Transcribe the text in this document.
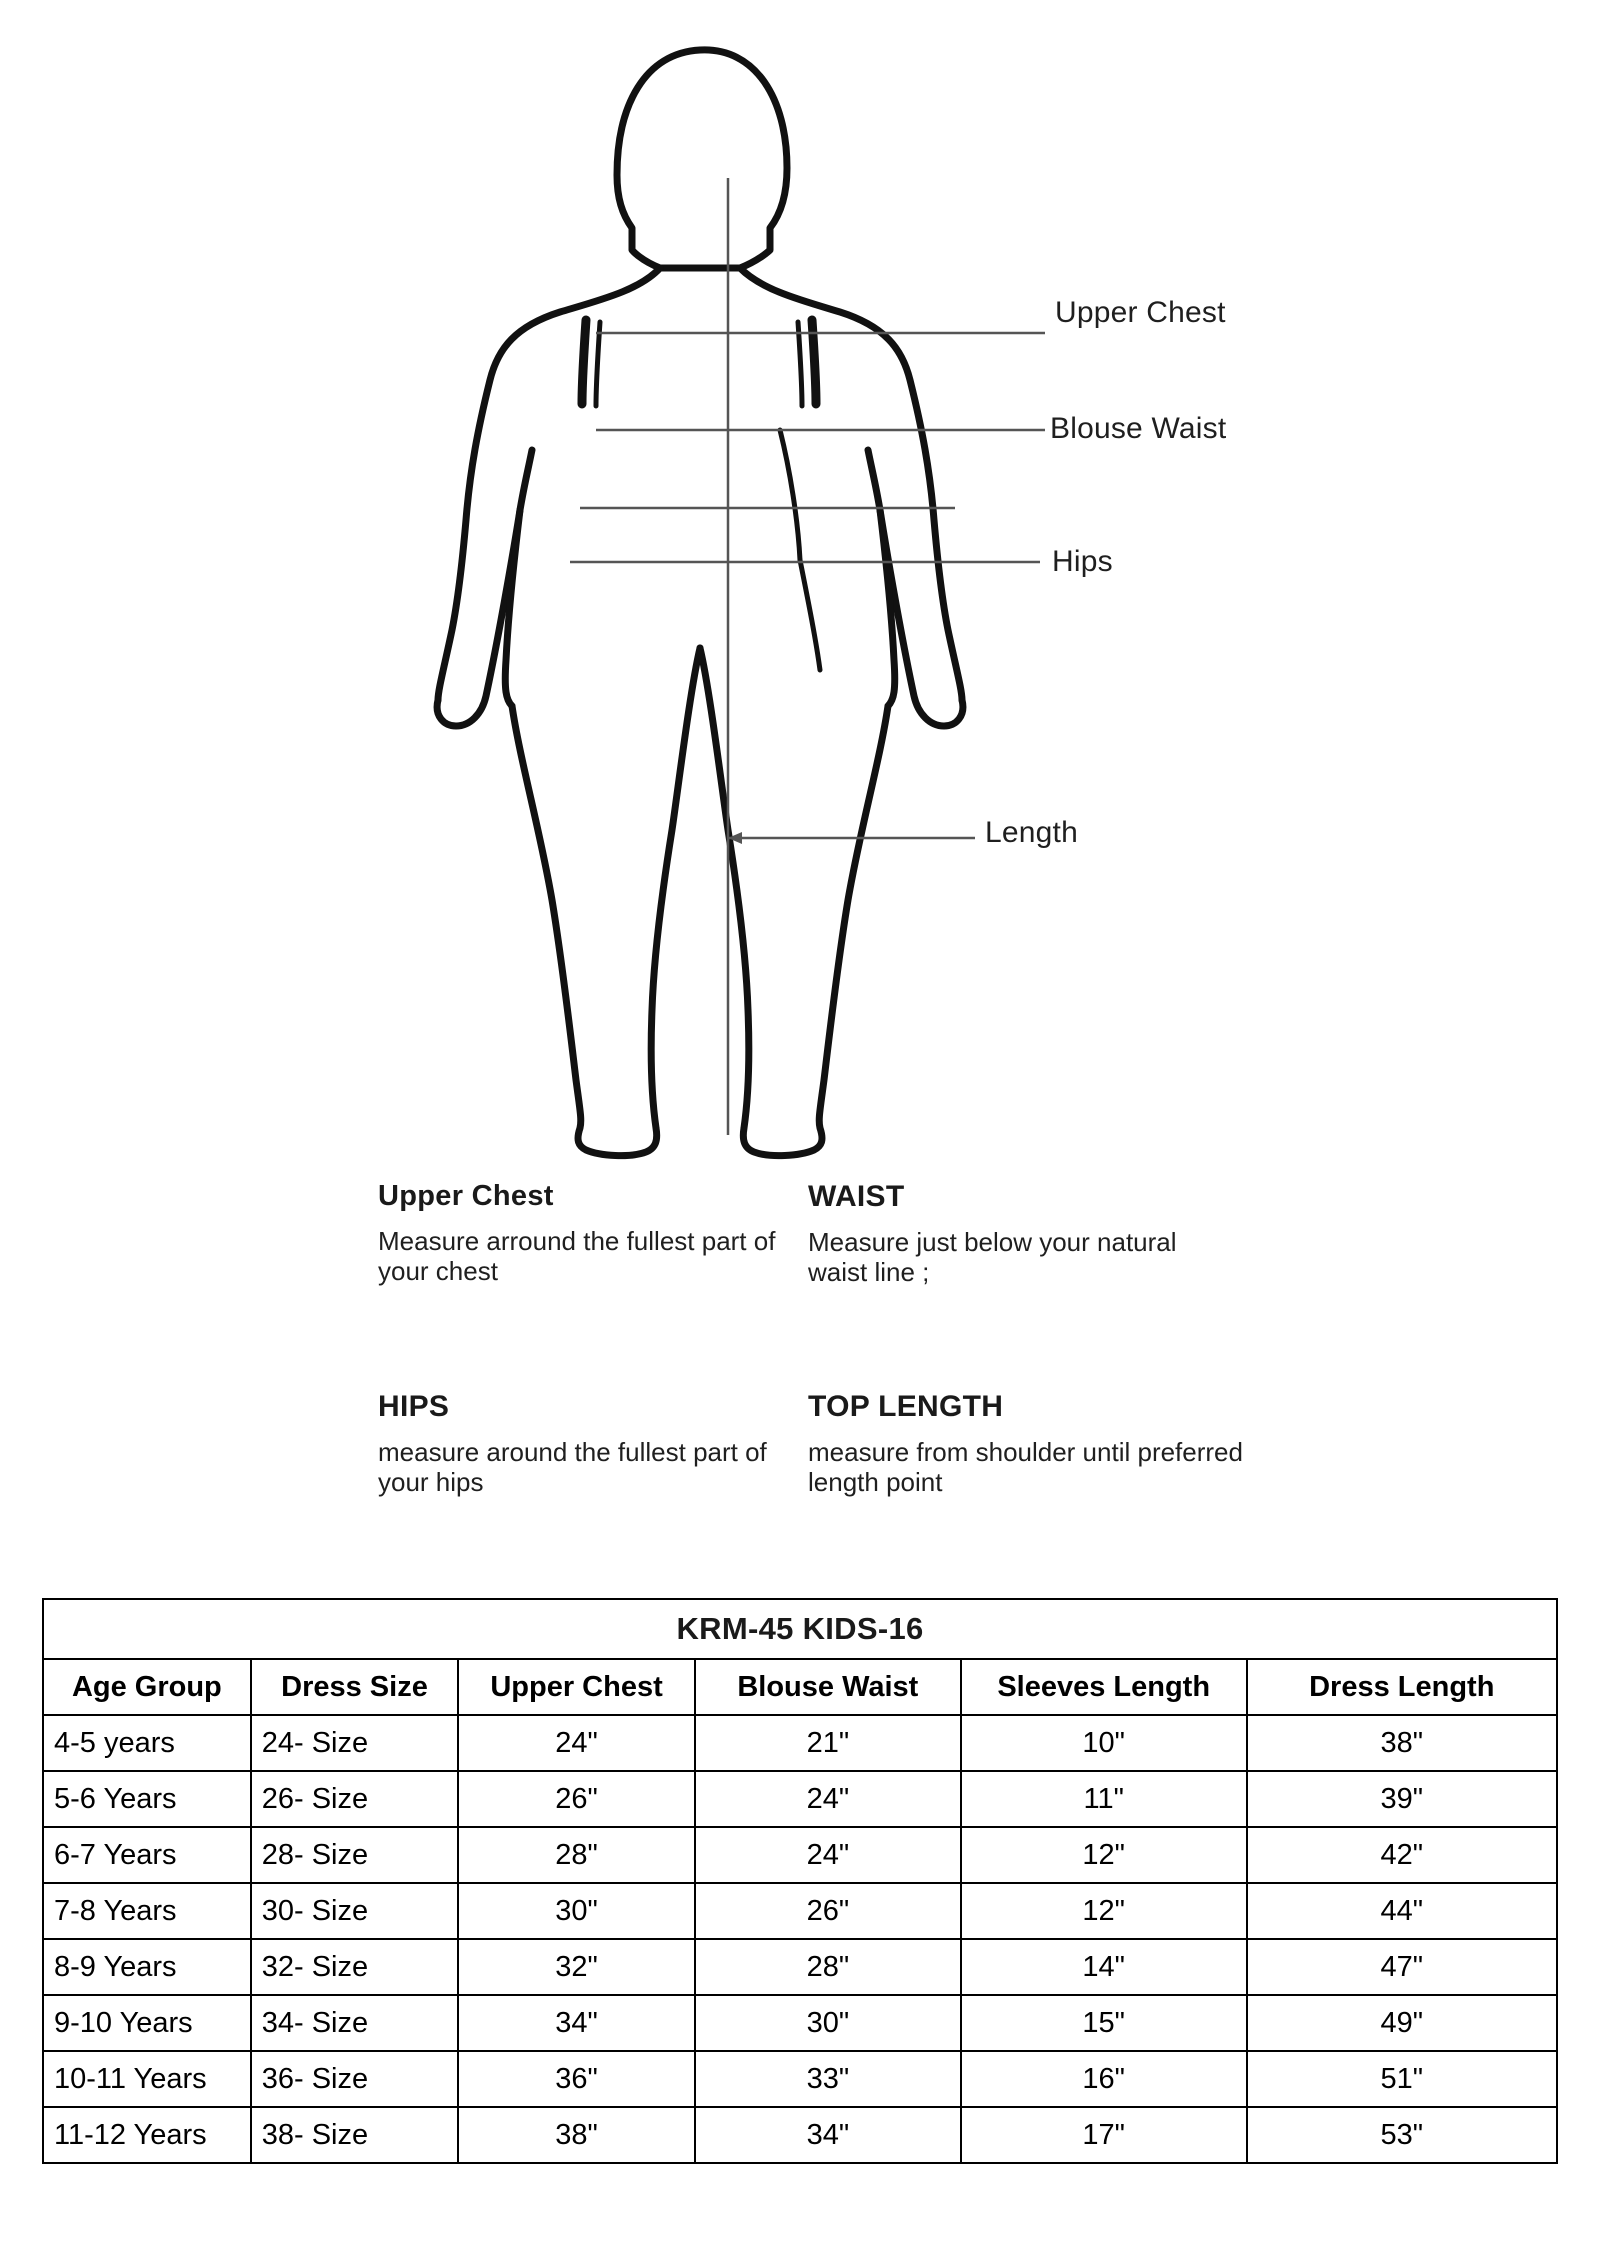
Upper Chest
Blouse Waist
Hips
Length

Upper Chest

Measure arround the fullest part of your chest

WAIST

Measure just below your natural waist line ;

HIPS

measure around the fullest part of your hips

TOP LENGTH

measure from shoulder until preferred length point

KRM-45 KIDS-16
Age Group	Dress Size	Upper Chest	Blouse Waist	Sleeves Length	Dress Length
4-5 years	24- Size	24"	21"	10"	38"
5-6 Years	26- Size	26"	24"	11"	39"
6-7 Years	28- Size	28"	24"	12"	42"
7-8 Years	30- Size	30"	26"	12"	44"
8-9 Years	32- Size	32"	28"	14"	47"
9-10 Years	34- Size	34"	30"	15"	49"
10-11 Years	36- Size	36"	33"	16"	51"
11-12 Years	38- Size	38"	34"	17"	53"
